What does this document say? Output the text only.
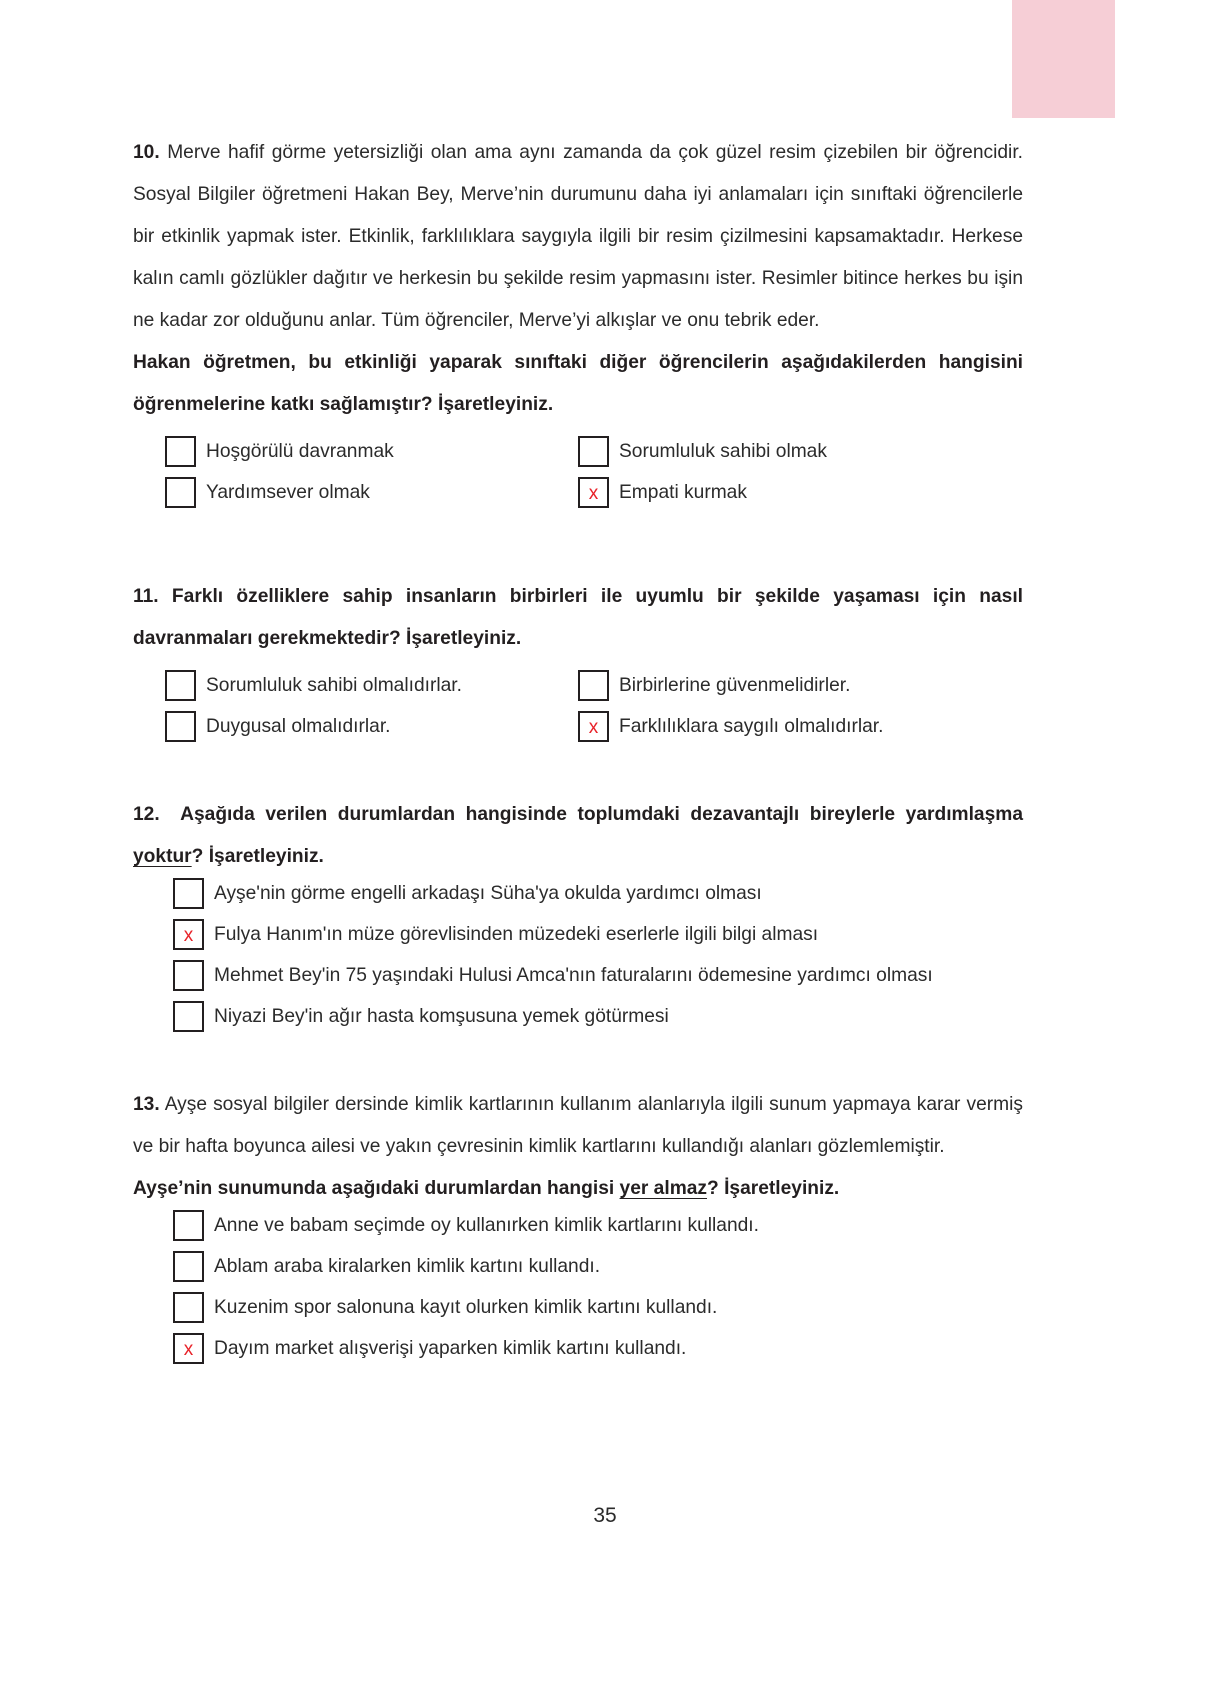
10. Merve hafif görme yetersizliği olan ama aynı zamanda da çok güzel resim çizebilen bir öğrencidir. Sosyal Bilgiler öğretmeni Hakan Bey, Merve’nin durumunu daha iyi anlamaları için sınıftaki öğrencilerle bir etkinlik yapmak ister. Etkinlik, farklılıklara saygıyla ilgili bir resim çizilmesini kapsamaktadır. Herkese kalın camlı gözlükler dağıtır ve herkesin bu şekilde resim yapmasını ister. Resimler bitince herkes bu işin ne kadar zor olduğunu anlar. Tüm öğrenciler, Merve’yi alkışlar ve onu tebrik eder.
Hakan öğretmen, bu etkinliği yaparak sınıftaki diğer öğrencilerin aşağıdakilerden hangisini öğrenmelerine katkı sağlamıştır? İşaretleyiniz.
Hoşgörülü davranmak	Sorumluluk sahibi olmak
Yardımsever olmak	x Empati kurmak
11. Farklı özelliklere sahip insanların birbirleri ile uyumlu bir şekilde yaşaması için nasıl davranmaları gerekmektedir? İşaretleyiniz.
Sorumluluk sahibi olmalıdırlar.	Birbirlerine güvenmelidirler.
Duygusal olmalıdırlar.	x Farklılıklara saygılı olmalıdırlar.
12. Aşağıda verilen durumlardan hangisinde toplumdaki dezavantajlı bireylerle yardımlaşma yoktur? İşaretleyiniz.
Ayşe'nin görme engelli arkadaşı Süha'ya okulda yardımcı olması
x Fulya Hanım'ın müze görevlisinden müzedeki eserlerle ilgili bilgi alması
Mehmet Bey'in 75 yaşındaki Hulusi Amca'nın faturalarını ödemesine yardımcı olması
Niyazi Bey'in ağır hasta komşusuna yemek götürmesi
13. Ayşe sosyal bilgiler dersinde kimlik kartlarının kullanım alanlarıyla ilgili sunum yapmaya karar vermiş ve bir hafta boyunca ailesi ve yakın çevresinin kimlik kartlarını kullandığı alanları gözlemlemiştir.
Ayşe’nin sunumunda aşağıdaki durumlardan hangisi yer almaz? İşaretleyiniz.
Anne ve babam seçimde oy kullanırken kimlik kartlarını kullandı.
Ablam araba kiralarken kimlik kartını kullandı.
Kuzenim spor salonuna kayıt olurken kimlik kartını kullandı.
x Dayım market alışverişi yaparken kimlik kartını kullandı.
35
